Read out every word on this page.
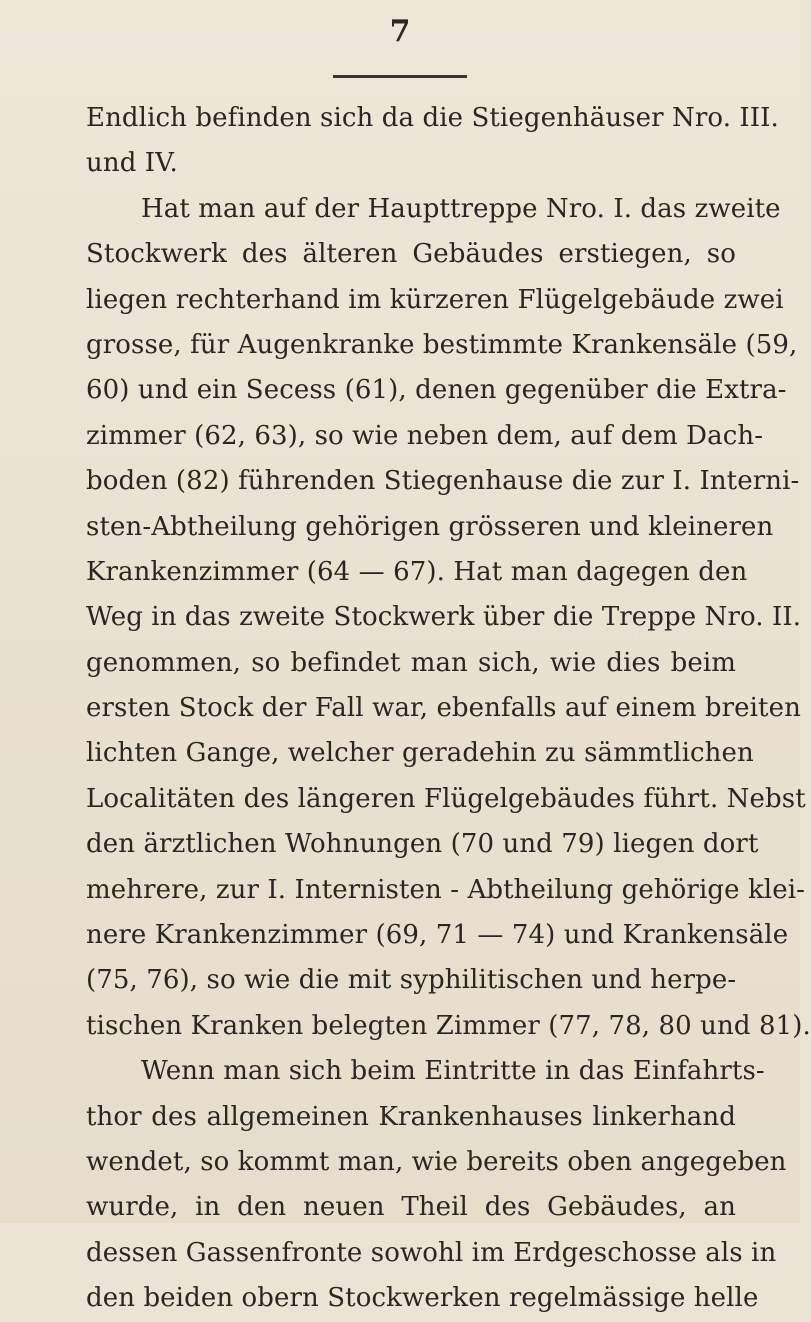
7
Endlich befinden sich da die Stiegenhäuser Nro. III.
und IV.
Hat man auf der Haupttreppe Nro. I. das zweite
Stockwerk des älteren Gebäudes erstiegen, so
liegen rechterhand im kürzeren Flügelgebäude zwei
grosse, für Augenkranke bestimmte Krankensäle (59,
60) und ein Secess (61), denen gegenüber die Extra-
zimmer (62, 63), so wie neben dem, auf dem Dach-
boden (82) führenden Stiegenhause die zur I. Interni-
sten-Abtheilung gehörigen grösseren und kleineren
Krankenzimmer (64 — 67). Hat man dagegen den
Weg in das zweite Stockwerk über die Treppe Nro. II.
genommen, so befindet man sich, wie dies beim
ersten Stock der Fall war, ebenfalls auf einem breiten
lichten Gange, welcher geradehin zu sämmtlichen
Localitäten des längeren Flügelgebäudes führt. Nebst
den ärztlichen Wohnungen (70 und 79) liegen dort
mehrere, zur I. Internisten - Abtheilung gehörige klei-
nere Krankenzimmer (69, 71 — 74) und Krankensäle
(75, 76), so wie die mit syphilitischen und herpe-
tischen Kranken belegten Zimmer (77, 78, 80 und 81).
Wenn man sich beim Eintritte in das Einfahrts-
thor des allgemeinen Krankenhauses linkerhand
wendet, so kommt man, wie bereits oben angegeben
wurde, in den neuen Theil des Gebäudes, an
dessen Gassenfronte sowohl im Erdgeschosse als in
den beiden obern Stockwerken regelmässige helle
